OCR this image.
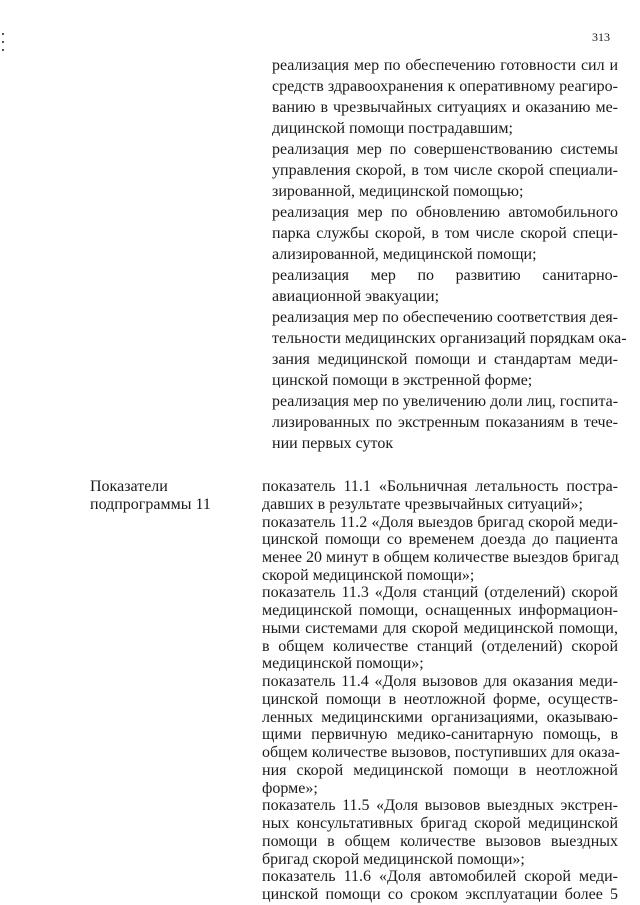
313
реализация мер по обеспечению готовности сил и
средств здравоохранения к оперативному реагиро-
ванию в чрезвычайных ситуациях и оказанию ме-
дицинской помощи пострадавшим;
реализация мер по совершенствованию системы
управления скорой, в том числе скорой специали-
зированной, медицинской помощью;
реализация мер по обновлению автомобильного
парка службы скорой, в том числе скорой специ-
ализированной, медицинской помощи;
реализация мер по развитию санитарно-
авиационной эвакуации;
реализация мер по обеспечению соответствия дея-
тельности медицинских организаций порядкам ока-
зания медицинской помощи и стандартам меди-
цинской помощи в экстренной форме;
реализация мер по увеличению доли лиц, госпита-
лизированных по экстренным показаниям в тече-
нии первых суток
Показатели
подпрограммы 11
показатель 11.1 «Больничная летальность постра-
давших в результате чрезвычайных ситуаций»;
показатель 11.2 «Доля выездов бригад скорой меди-
цинской помощи со временем доезда до пациента
менее 20 минут в общем количестве выездов бригад
скорой медицинской помощи»;
показатель 11.3 «Доля станций (отделений) скорой
медицинской помощи, оснащенных информацион-
ными системами для скорой медицинской помощи,
в общем количестве станций (отделений) скорой
медицинской помощи»;
показатель 11.4 «Доля вызовов для оказания меди-
цинской помощи в неотложной форме, осуществ-
ленных медицинскими организациями, оказываю-
щими первичную медико-санитарную помощь, в
общем количестве вызовов, поступивших для оказа-
ния скорой медицинской помощи в неотложной
форме»;
показатель 11.5 «Доля вызовов выездных экстрен-
ных консультативных бригад скорой медицинской
помощи в общем количестве вызовов выездных
бригад скорой медицинской помощи»;
показатель 11.6 «Доля автомобилей скорой меди-
цинской помощи со сроком эксплуатации более 5
